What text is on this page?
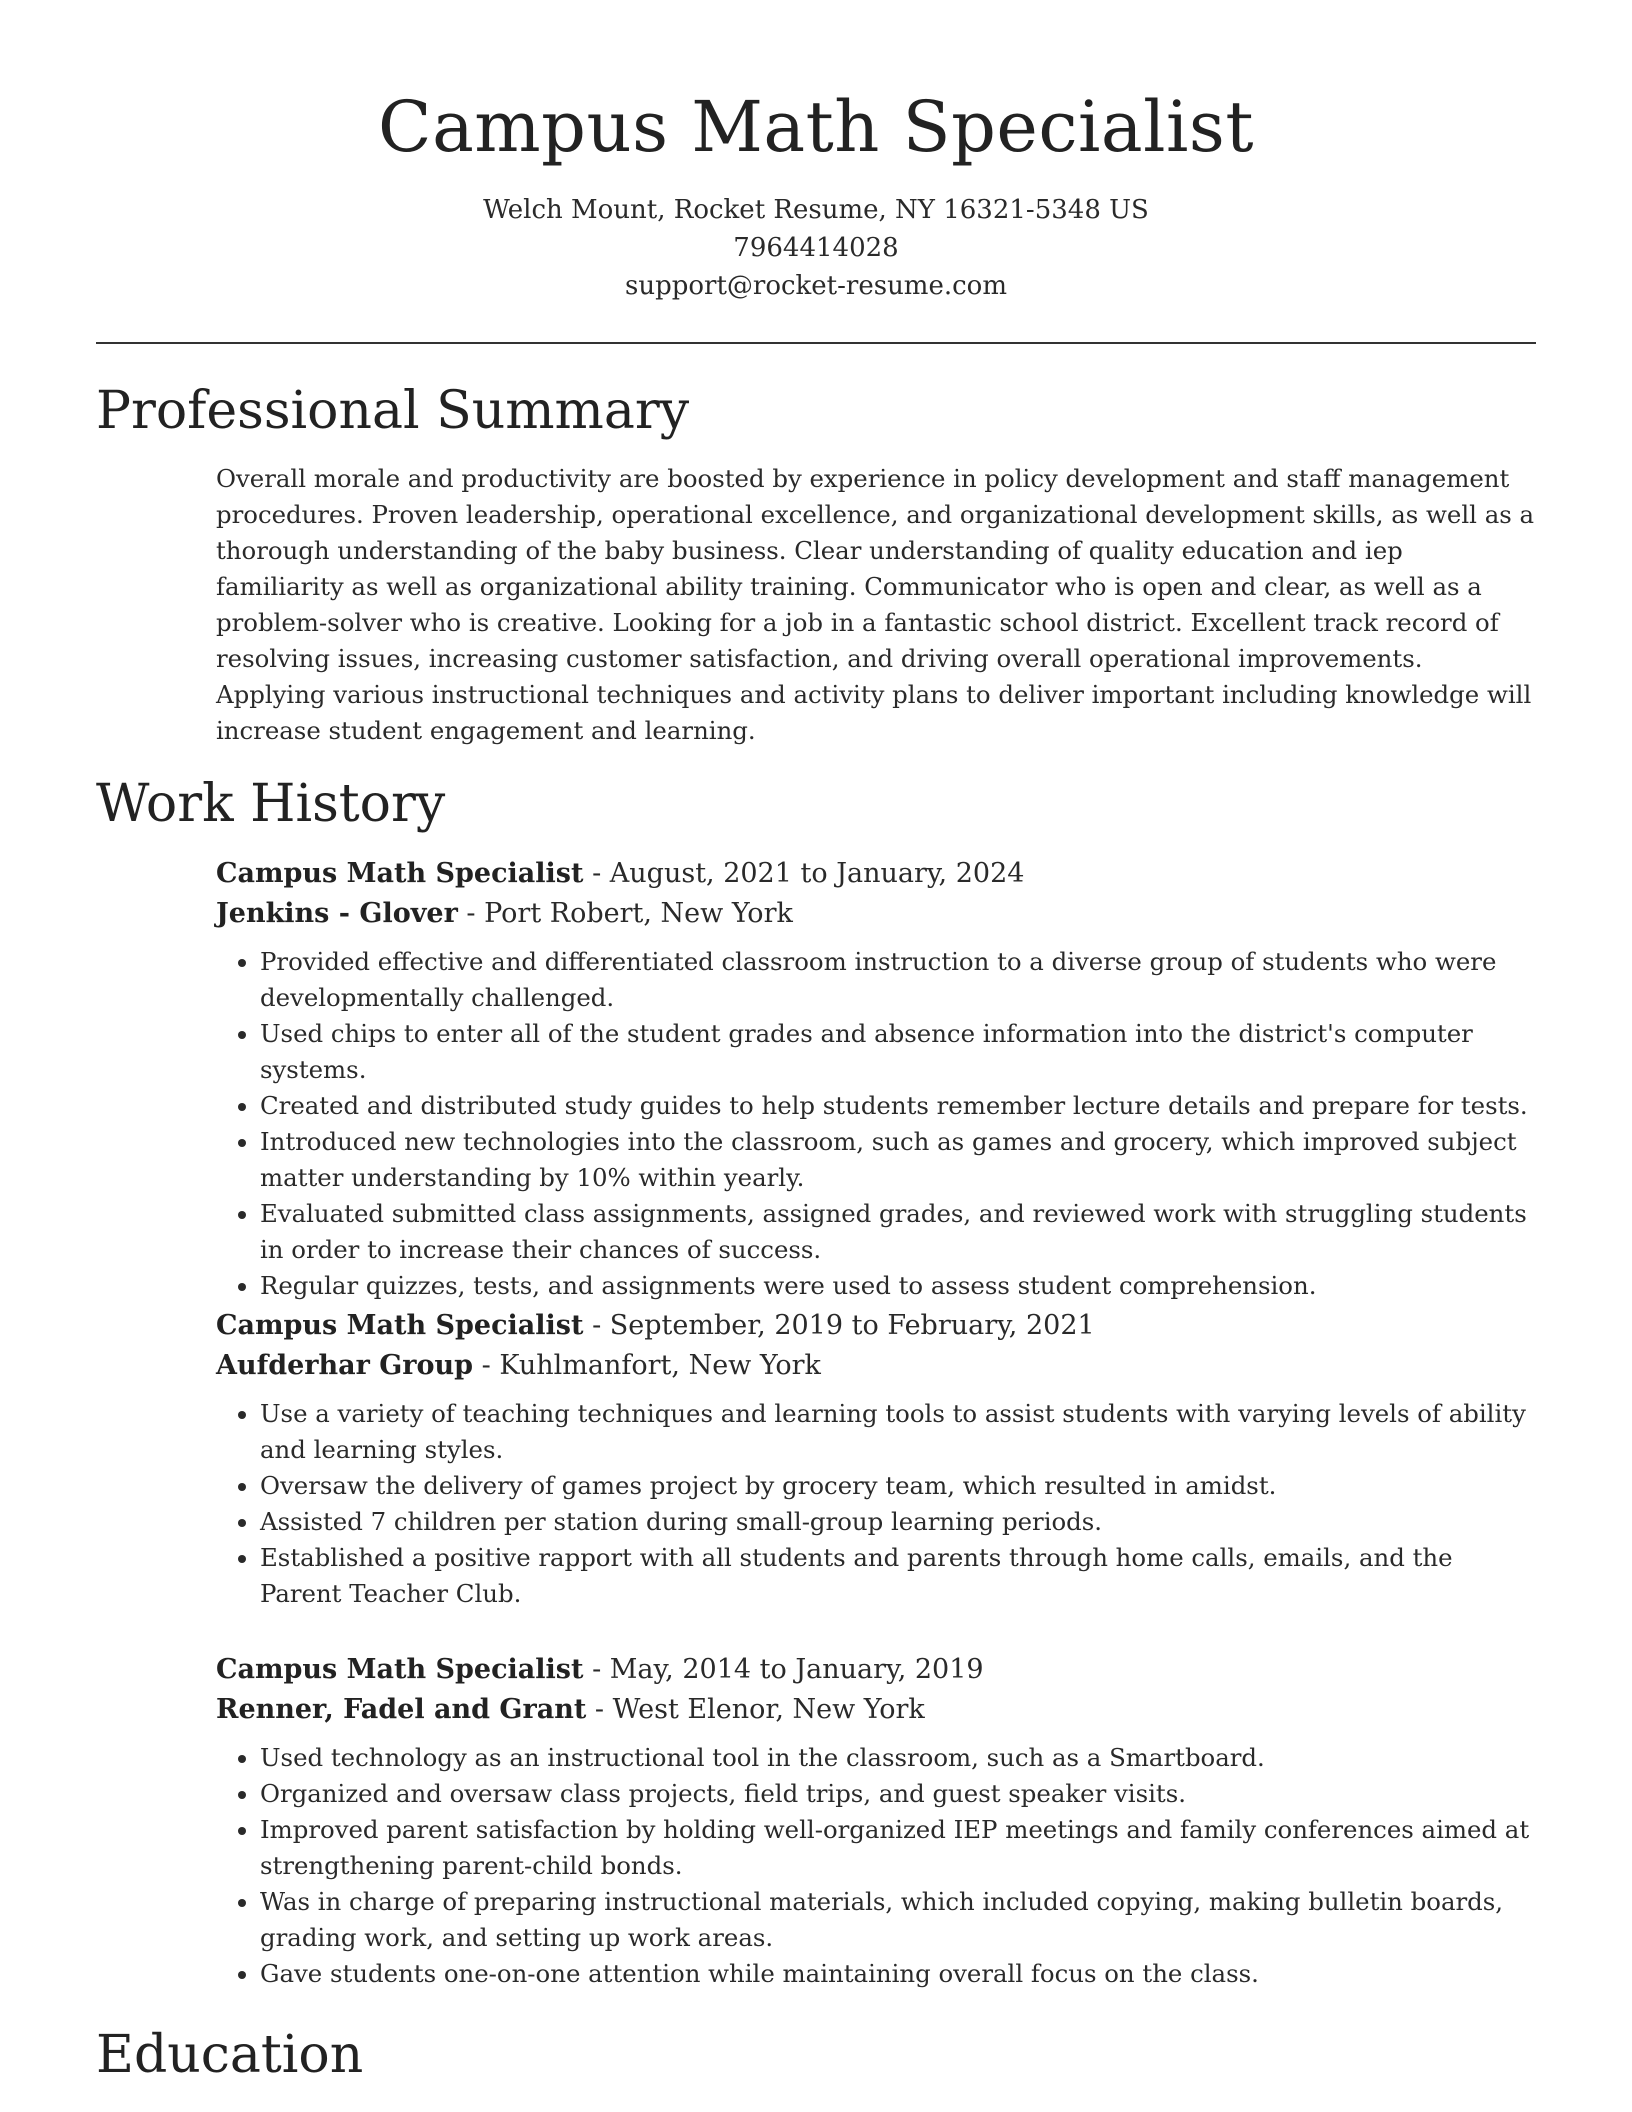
Campus Math Specialist
Welch Mount, Rocket Resume, NY 16321-5348 US
7964414028
support@rocket-resume.com
Professional Summary

Overall morale and productivity are boosted by experience in policy development and staff management procedures. Proven leadership, operational excellence, and organizational development skills, as well as a thorough understanding of the baby business. Clear understanding of quality education and iep familiarity as well as organizational ability training. Communicator who is open and clear, as well as a problem-solver who is creative. Looking for a job in a fantastic school district. Excellent track record of resolving issues, increasing customer satisfaction, and driving overall operational improvements. Applying various instructional techniques and activity plans to deliver important including knowledge will increase student engagement and learning.

Work History
Campus Math Specialist - August, 2021 to January, 2024
Jenkins - Glover - Port Robert, New York
• Provided effective and differentiated classroom instruction to a diverse group of students who were developmentally challenged.
• Used chips to enter all of the student grades and absence information into the district's computer systems.
• Created and distributed study guides to help students remember lecture details and prepare for tests.
• Introduced new technologies into the classroom, such as games and grocery, which improved subject matter understanding by 10% within yearly.
• Evaluated submitted class assignments, assigned grades, and reviewed work with struggling students in order to increase their chances of success.
• Regular quizzes, tests, and assignments were used to assess student comprehension.
Campus Math Specialist - September, 2019 to February, 2021
Aufderhar Group - Kuhlmanfort, New York
• Use a variety of teaching techniques and learning tools to assist students with varying levels of ability and learning styles.
• Oversaw the delivery of games project by grocery team, which resulted in amidst.
• Assisted 7 children per station during small-group learning periods.
• Established a positive rapport with all students and parents through home calls, emails, and the Parent Teacher Club.
Campus Math Specialist - May, 2014 to January, 2019
Renner, Fadel and Grant - West Elenor, New York
• Used technology as an instructional tool in the classroom, such as a Smartboard.
• Organized and oversaw class projects, field trips, and guest speaker visits.
• Improved parent satisfaction by holding well-organized IEP meetings and family conferences aimed at strengthening parent-child bonds.
• Was in charge of preparing instructional materials, which included copying, making bulletin boards, grading work, and setting up work areas.
• Gave students one-on-one attention while maintaining overall focus on the class.
Education
